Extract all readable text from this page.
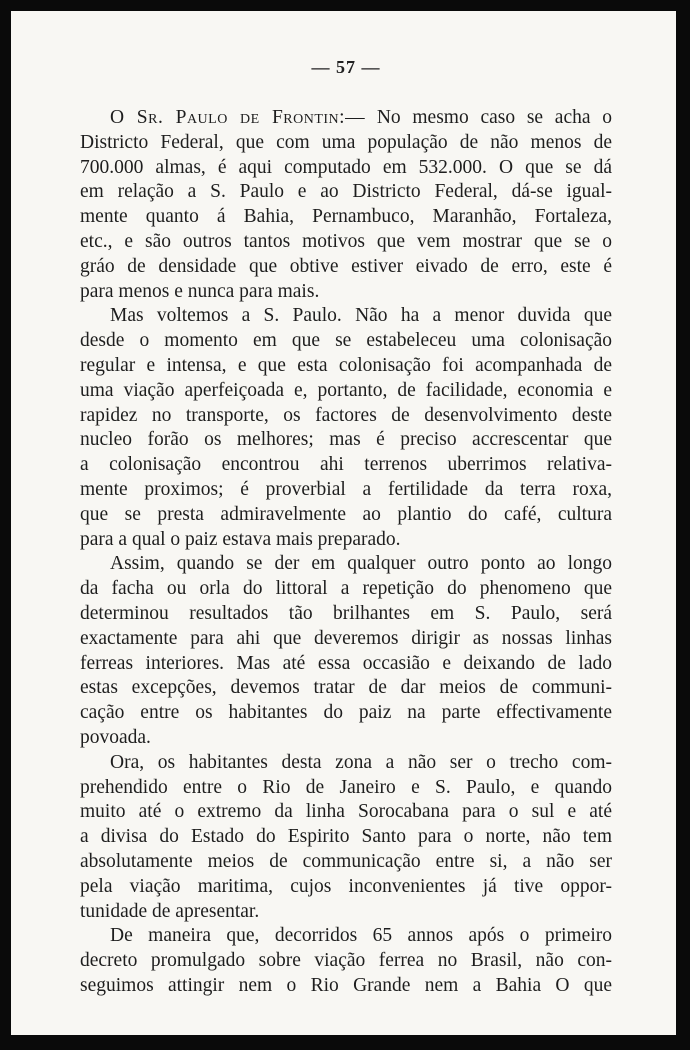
— 57 —
O Sr. Paulo de Frontin:— No mesmo caso se acha o
Districto Federal, que com uma população de não menos de
700.000 almas, é aqui computado em 532.000. O que se dá
em relação a S. Paulo e ao Districto Federal, dá-se igual-
mente quanto á Bahia, Pernambuco, Maranhão, Fortaleza,
etc., e são outros tantos motivos que vem mostrar que se o
gráo de densidade que obtive estiver eivado de erro, este é
para menos e nunca para mais.
Mas voltemos a S. Paulo. Não ha a menor duvida que
desde o momento em que se estabeleceu uma colonisação
regular e intensa, e que esta colonisação foi acompanhada de
uma viação aperfeiçoada e, portanto, de facilidade, economia e
rapidez no transporte, os factores de desenvolvimento deste
nucleo forão os melhores; mas é preciso accrescentar que
a colonisação encontrou ahi terrenos uberrimos relativa-
mente proximos; é proverbial a fertilidade da terra roxa,
que se presta admiravelmente ao plantio do café, cultura
para a qual o paiz estava mais preparado.
Assim, quando se der em qualquer outro ponto ao longo
da facha ou orla do littoral a repetição do phenomeno que
determinou resultados tão brilhantes em S. Paulo, será
exactamente para ahi que deveremos dirigir as nossas linhas
ferreas interiores. Mas até essa occasião e deixando de lado
estas excepções, devemos tratar de dar meios de communi-
cação entre os habitantes do paiz na parte effectivamente
povoada.
Ora, os habitantes desta zona a não ser o trecho com-
prehendido entre o Rio de Janeiro e S. Paulo, e quando
muito até o extremo da linha Sorocabana para o sul e até
a divisa do Estado do Espirito Santo para o norte, não tem
absolutamente meios de communicação entre si, a não ser
pela viação maritima, cujos inconvenientes já tive oppor-
tunidade de apresentar.
De maneira que, decorridos 65 annos após o primeiro
decreto promulgado sobre viação ferrea no Brasil, não con-
seguimos attingir nem o Rio Grande nem a Bahia O que
